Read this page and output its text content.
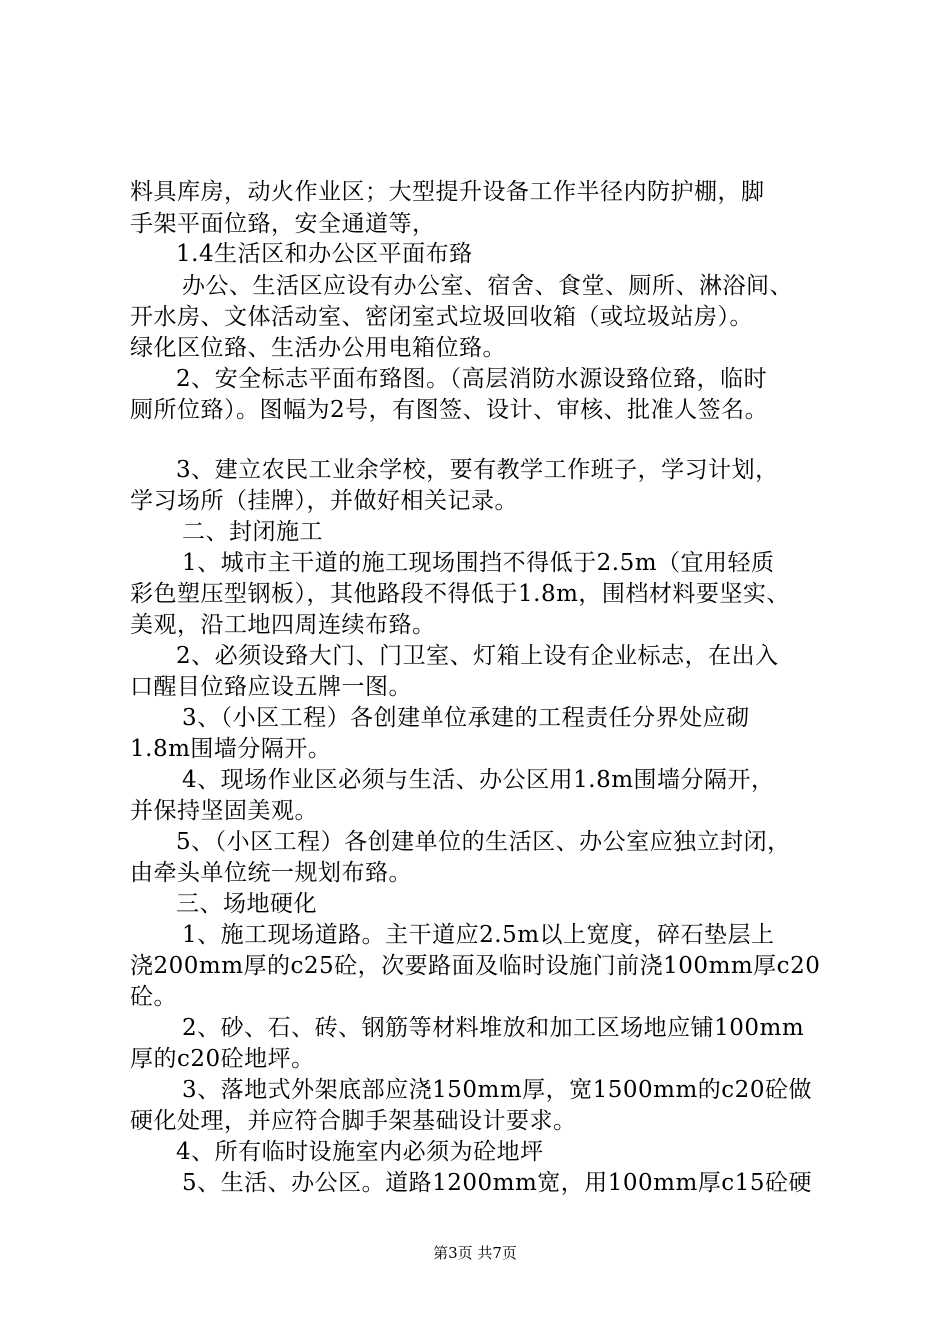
料具库房，动火作业区；大型提升设备工作半径内防护棚，脚
手架平面位臵，安全通道等，
1.4生活区和办公区平面布臵
办公、生活区应设有办公室、宿舍、食堂、厕所、淋浴间、
开水房、文体活动室、密闭室式垃圾回收箱（或垃圾站房）。
绿化区位臵、生活办公用电箱位臵。
2、安全标志平面布臵图。（高层消防水源设臵位臵，临时
厕所位臵）。图幅为2号，有图签、设计、审核、批准人签名。
3、建立农民工业余学校，要有教学工作班子，学习计划，
学习场所（挂牌），并做好相关记录。
二、封闭施工
1、城市主干道的施工现场围挡不得低于2.5m（宜用轻质
彩色塑压型钢板），其他路段不得低于1.8m，围档材料要坚实、
美观，沿工地四周连续布臵。
2、必须设臵大门、门卫室、灯箱上设有企业标志，在出入
口醒目位臵应设五牌一图。
3、（小区工程）各创建单位承建的工程责任分界处应砌
1.8m围墙分隔开。
4、现场作业区必须与生活、办公区用1.8m围墙分隔开，
并保持坚固美观。
5、（小区工程）各创建单位的生活区、办公室应独立封闭，
由牵头单位统一规划布臵。
三、场地硬化
1、施工现场道路。主干道应2.5m以上宽度，碎石垫层上
浇200mm厚的c25砼，次要路面及临时设施门前浇100mm厚c20
砼。
2、砂、石、砖、钢筋等材料堆放和加工区场地应铺100mm
厚的c20砼地坪。
3、落地式外架底部应浇150mm厚，宽1500mm的c20砼做
硬化处理，并应符合脚手架基础设计要求。
4、所有临时设施室内必须为砼地坪
5、生活、办公区。道路1200mm宽，用100mm厚c15砼硬
第3页 共7页
